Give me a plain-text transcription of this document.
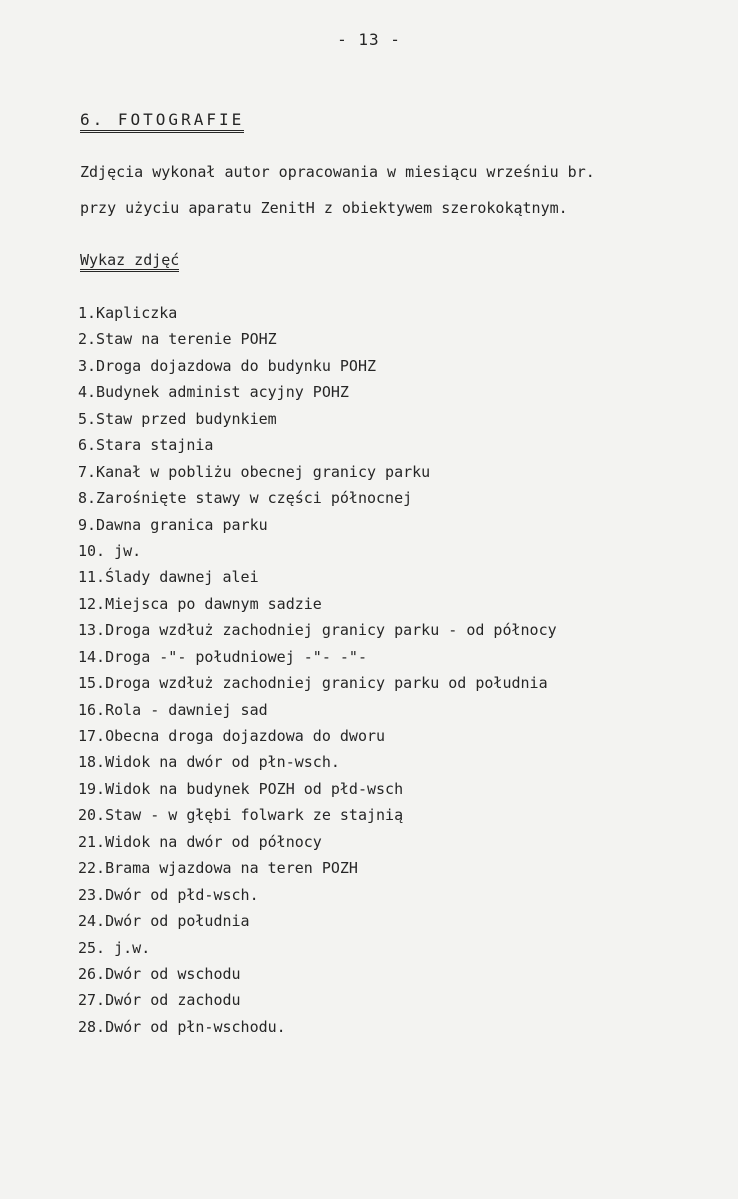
- 13 -
6. FOTOGRAFIE
Zdjęcia wykonał autor opracowania w miesiącu wrześniu br.
przy użyciu aparatu ZenitH z obiektywem szerokokątnym.
Wykaz zdjęć
1.Kapliczka
2.Staw na terenie POHZ
3.Droga dojazdowa do budynku POHZ
4.Budynek administ acyjny POHZ
5.Staw przed budynkiem
6.Stara stajnia
7.Kanał w pobliżu obecnej granicy parku
8.Zarośnięte stawy w części północnej
9.Dawna granica parku
10. jw.
11.Ślady dawnej alei
12.Miejsca po dawnym sadzie
13.Droga wzdłuż zachodniej granicy parku - od północy
14.Droga -"- południowej -"- -"-
15.Droga wzdłuż zachodniej granicy parku od południa
16.Rola - dawniej sad
17.Obecna droga dojazdowa do dworu
18.Widok na dwór od płn-wsch.
19.Widok na budynek POZH od płd-wsch
20.Staw - w głębi folwark ze stajnią
21.Widok na dwór od północy
22.Brama wjazdowa na teren POZH
23.Dwór od płd-wsch.
24.Dwór od południa
25. j.w.
26.Dwór od wschodu
27.Dwór od zachodu
28.Dwór od płn-wschodu.
